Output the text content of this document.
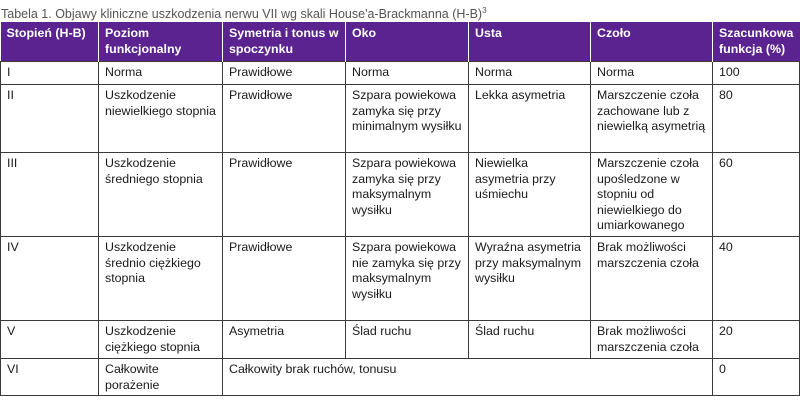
Tabela 1. Objawy kliniczne uszkodzenia nerwu VII wg skali House'a-Brackmanna $(H-B)^3$
Stopień (H-B)	Poziom funkcjonalny	Symetria i tonus w spoczynku	Oko	Usta	Czoło	Szacunkowa funkcja (%)
I	Norma	Prawidłowe	Norma	Norma	Norma	100
II	Uszkodzenie niewielkiego stopnia	Prawidłowe	Szpara powiekowa zamyka się przy minimalnym wysiłku	Lekka asymetria	Marszczenie czoła zachowane lub z niewielką asymetrią	80
III	Uszkodzenie średniego stopnia	Prawidłowe	Szpara powiekowa zamyka się przy maksymalnym wysiłku	Niewielka asymetria przy uśmiechu	Marszczenie czoła upośledzone w stopniu od niewielkiego do umiarkowanego	60
IV	Uszkodzenie średnio ciężkiego stopnia	Prawidłowe	Szpara powiekowa nie zamyka się przy maksymalnym wysiłku	Wyraźna asymetria przy maksymalnym wysiłku	Brak możliwości marszczenia czoła	40
V	Uszkodzenie ciężkiego stopnia	Asymetria	Ślad ruchu	Ślad ruchu	Brak możliwości marszczenia czoła	20
VI	Całkowite porażenie	Całkowity brak ruchów, tonusu				0
